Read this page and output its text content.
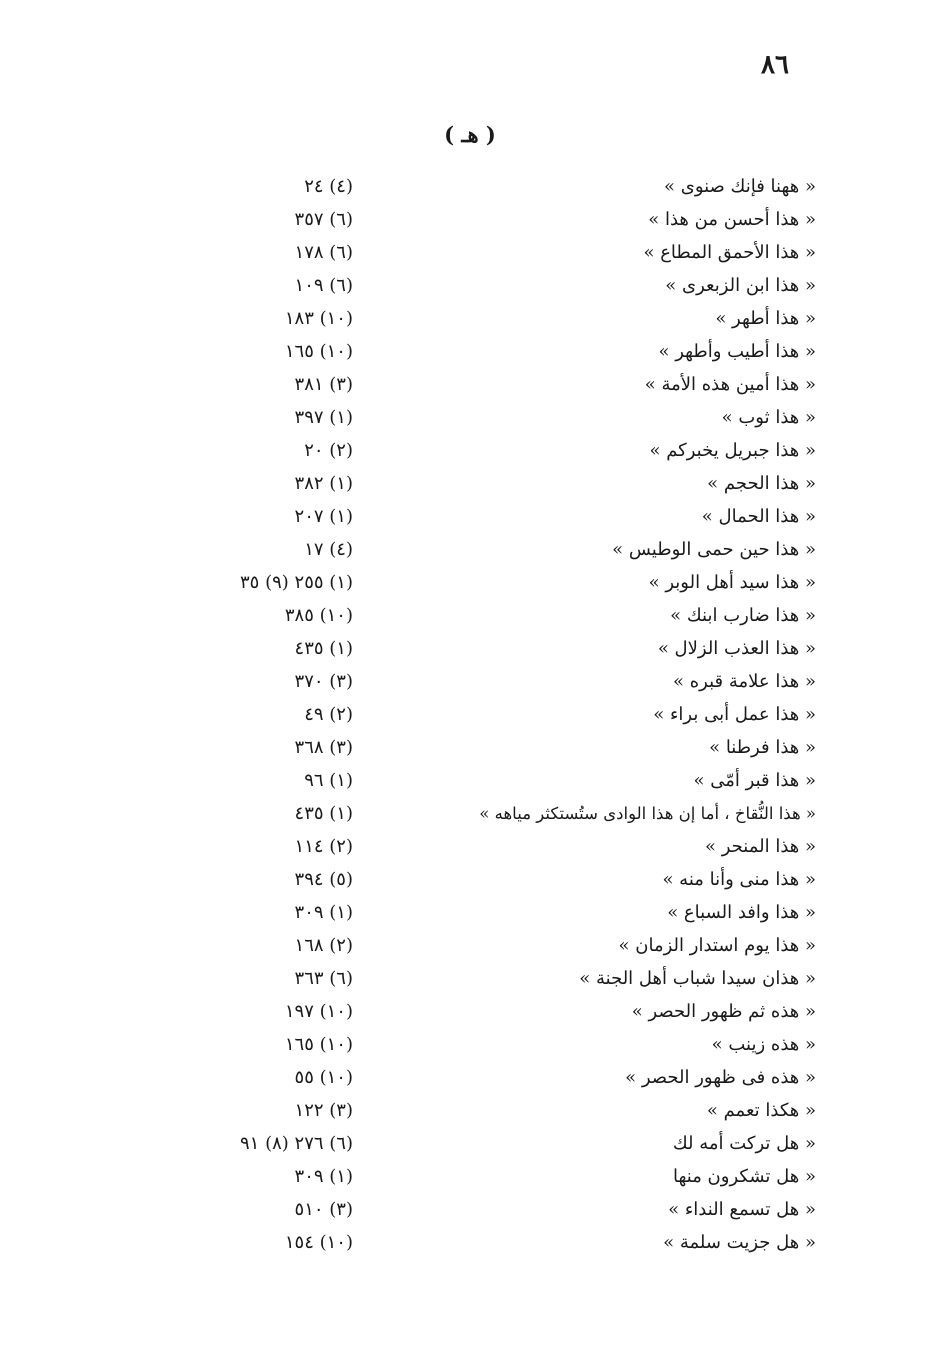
٨٦
( هـ )
« ههنا فإنك صنوى »
(٤) ٢٤
« هذا أحسن من هذا »
(٦) ٣٥٧
« هذا الأحمق المطاع »
(٦) ١٧٨
« هذا ابن الزبعرى »
(٦) ١٠٩
« هذا أطهر »
(١٠) ١٨٣
« هذا أطيب وأطهر »
(١٠) ١٦٥
« هذا أمين هذه الأمة »
(٣) ٣٨١
« هذا ثوب »
(١) ٣٩٧
« هذا جبريل يخبركم »
(٢) ٢٠
« هذا الحجم »
(١) ٣٨٢
« هذا الحمال »
(١) ٢٠٧
« هذا حين حمى الوطيس »
(٤) ١٧
« هذا سيد أهل الوبر »
(١) ٢٥٥ (٩) ٣٥
« هذا ضارب ابنك »
(١٠) ٣٨٥
« هذا العذب الزلال »
(١) ٤٣٥
« هذا علامة قبره »
(٣) ٣٧٠
« هذا عمل أبى براء »
(٢) ٤٩
« هذا فرطنا »
(٣) ٣٦٨
« هذا قبر أمّى »
(١) ٩٦
« هذا النُّقاخ ، أما إن هذا الوادى ستُستكثر مياهه »
(١) ٤٣٥
« هذا المنحر »
(٢) ١١٤
« هذا منى وأنا منه »
(٥) ٣٩٤
« هذا وافد السباع »
(١) ٣٠٩
« هذا يوم استدار الزمان »
(٢) ١٦٨
« هذان سيدا شباب أهل الجنة »
(٦) ٣٦٣
« هذه ثم ظهور الحصر »
(١٠) ١٩٧
« هذه زينب »
(١٠) ١٦٥
« هذه فى ظهور الحصر »
(١٠) ٥٥
« هكذا تعمم »
(٣) ١٢٢
« هل تركت أمه لك
(٦) ٢٧٦ (٨) ٩١
« هل تشكرون منها
(١) ٣٠٩
« هل تسمع النداء »
(٣) ٥١٠
« هل جزيت سلمة »
(١٠) ١٥٤
